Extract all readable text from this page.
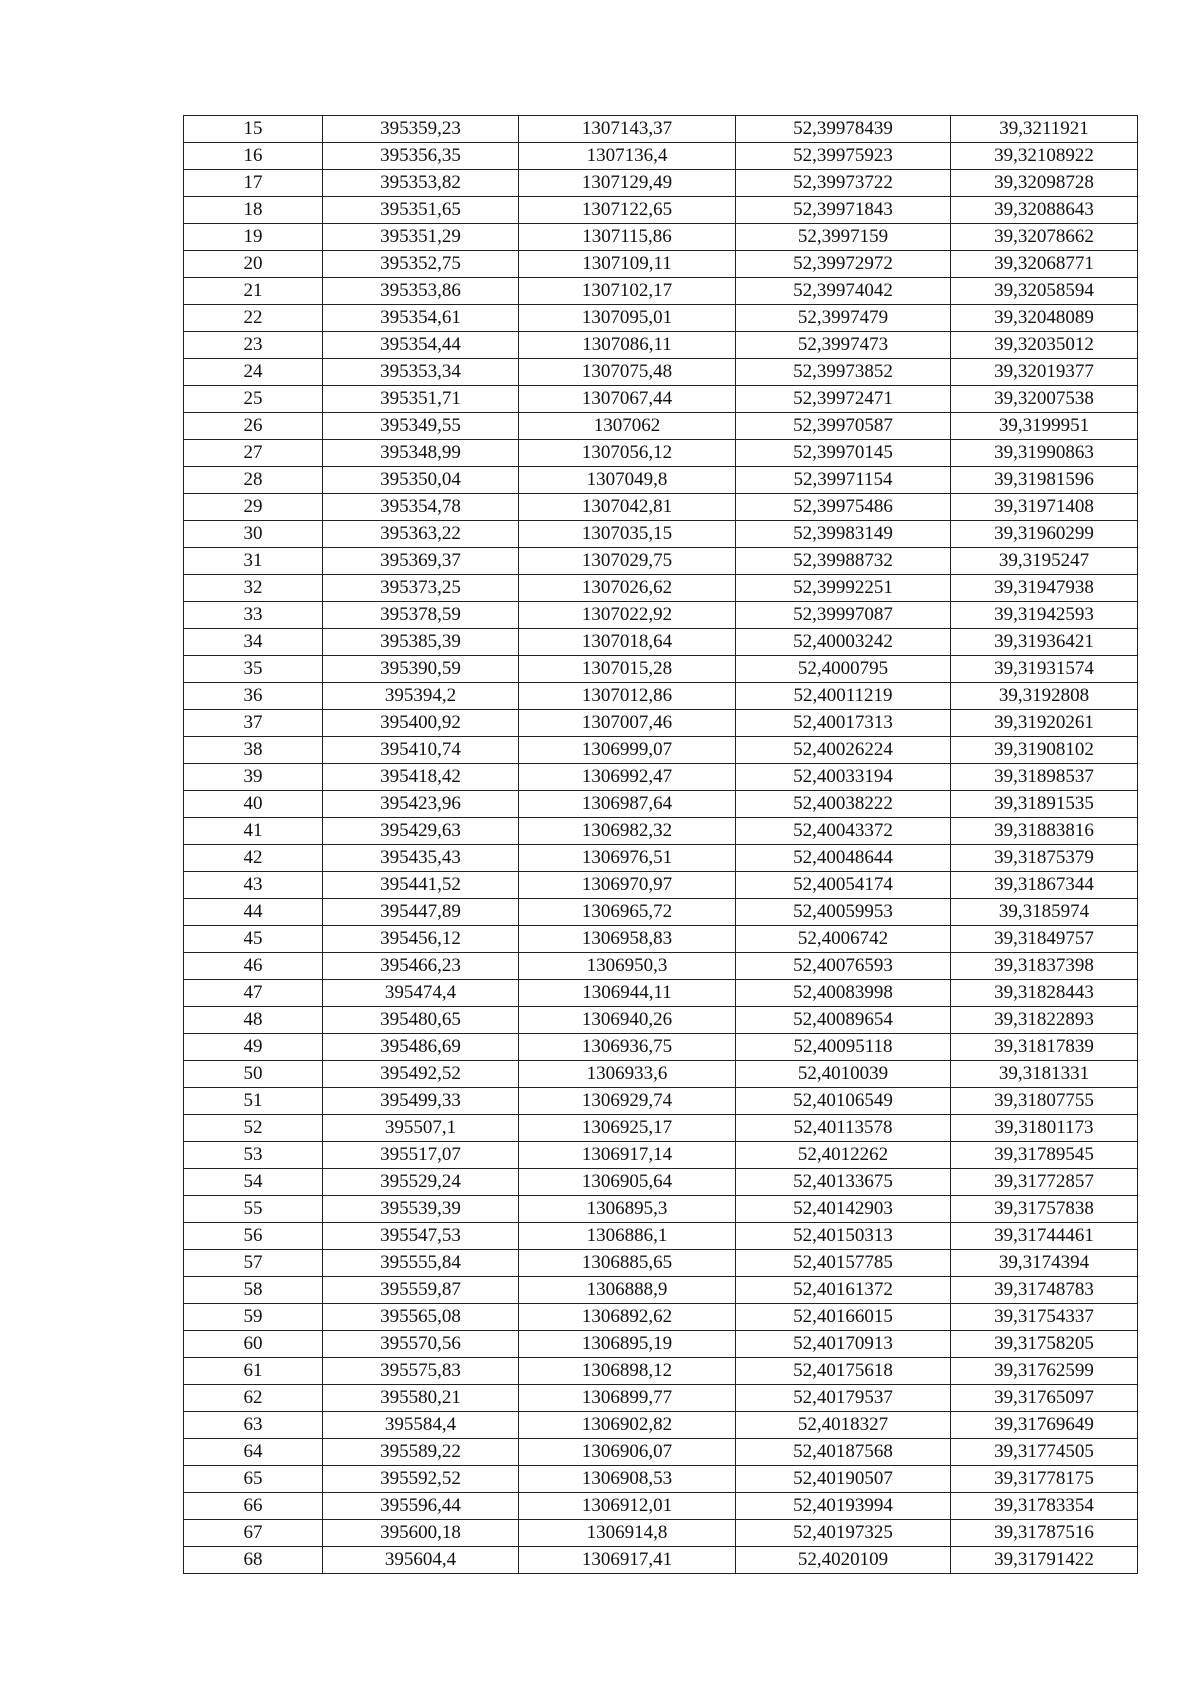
15	395359,23	1307143,37	52,39978439	39,3211921
16	395356,35	1307136,4	52,39975923	39,32108922
17	395353,82	1307129,49	52,39973722	39,32098728
18	395351,65	1307122,65	52,39971843	39,32088643
19	395351,29	1307115,86	52,3997159	39,32078662
20	395352,75	1307109,11	52,39972972	39,32068771
21	395353,86	1307102,17	52,39974042	39,32058594
22	395354,61	1307095,01	52,3997479	39,32048089
23	395354,44	1307086,11	52,3997473	39,32035012
24	395353,34	1307075,48	52,39973852	39,32019377
25	395351,71	1307067,44	52,39972471	39,32007538
26	395349,55	1307062	52,39970587	39,3199951
27	395348,99	1307056,12	52,39970145	39,31990863
28	395350,04	1307049,8	52,39971154	39,31981596
29	395354,78	1307042,81	52,39975486	39,31971408
30	395363,22	1307035,15	52,39983149	39,31960299
31	395369,37	1307029,75	52,39988732	39,3195247
32	395373,25	1307026,62	52,39992251	39,31947938
33	395378,59	1307022,92	52,39997087	39,31942593
34	395385,39	1307018,64	52,40003242	39,31936421
35	395390,59	1307015,28	52,4000795	39,31931574
36	395394,2	1307012,86	52,40011219	39,3192808
37	395400,92	1307007,46	52,40017313	39,31920261
38	395410,74	1306999,07	52,40026224	39,31908102
39	395418,42	1306992,47	52,40033194	39,31898537
40	395423,96	1306987,64	52,40038222	39,31891535
41	395429,63	1306982,32	52,40043372	39,31883816
42	395435,43	1306976,51	52,40048644	39,31875379
43	395441,52	1306970,97	52,40054174	39,31867344
44	395447,89	1306965,72	52,40059953	39,3185974
45	395456,12	1306958,83	52,4006742	39,31849757
46	395466,23	1306950,3	52,40076593	39,31837398
47	395474,4	1306944,11	52,40083998	39,31828443
48	395480,65	1306940,26	52,40089654	39,31822893
49	395486,69	1306936,75	52,40095118	39,31817839
50	395492,52	1306933,6	52,4010039	39,3181331
51	395499,33	1306929,74	52,40106549	39,31807755
52	395507,1	1306925,17	52,40113578	39,31801173
53	395517,07	1306917,14	52,4012262	39,31789545
54	395529,24	1306905,64	52,40133675	39,31772857
55	395539,39	1306895,3	52,40142903	39,31757838
56	395547,53	1306886,1	52,40150313	39,31744461
57	395555,84	1306885,65	52,40157785	39,3174394
58	395559,87	1306888,9	52,40161372	39,31748783
59	395565,08	1306892,62	52,40166015	39,31754337
60	395570,56	1306895,19	52,40170913	39,31758205
61	395575,83	1306898,12	52,40175618	39,31762599
62	395580,21	1306899,77	52,40179537	39,31765097
63	395584,4	1306902,82	52,4018327	39,31769649
64	395589,22	1306906,07	52,40187568	39,31774505
65	395592,52	1306908,53	52,40190507	39,31778175
66	395596,44	1306912,01	52,40193994	39,31783354
67	395600,18	1306914,8	52,40197325	39,31787516
68	395604,4	1306917,41	52,4020109	39,31791422
